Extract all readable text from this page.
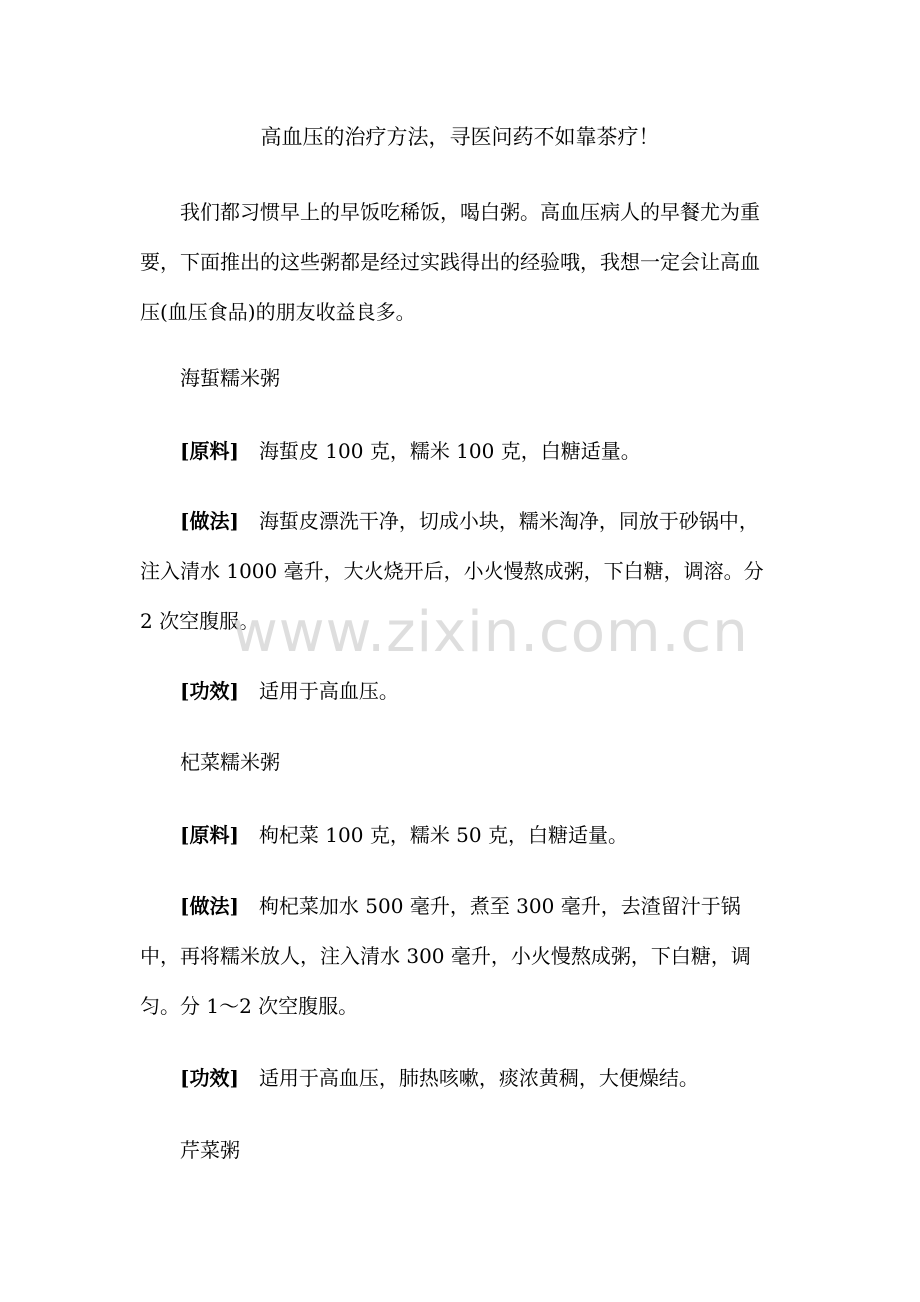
高血压的治疗方法，寻医问药不如靠茶疗！

我们都习惯早上的早饭吃稀饭，喝白粥。高血压病人的早餐尤为重要，下面推出的这些粥都是经过实践得出的经验哦，我想一定会让高血压(血压食品)的朋友收益良多。

海蜇糯米粥
[原料] 海蜇皮 100 克，糯米 100 克，白糖适量。
[做法] 海蜇皮漂洗干净，切成小块，糯米淘净，同放于砂锅中，注入清水 1000 毫升，大火烧开后，小火慢熬成粥，下白糖，调溶。分 2 次空腹服。
[功效] 适用于高血压。
杞菜糯米粥
[原料] 枸杞菜 100 克，糯米 50 克，白糖适量。
[做法] 枸杞菜加水 500 毫升，煮至 300 毫升，去渣留汁于锅中，再将糯米放人，注入清水 300 毫升，小火慢熬成粥，下白糖，调匀。分 1～2 次空腹服。
[功效] 适用于高血压，肺热咳嗽，痰浓黄稠，大便燥结。
芹菜粥
www.zixin.com.cn
